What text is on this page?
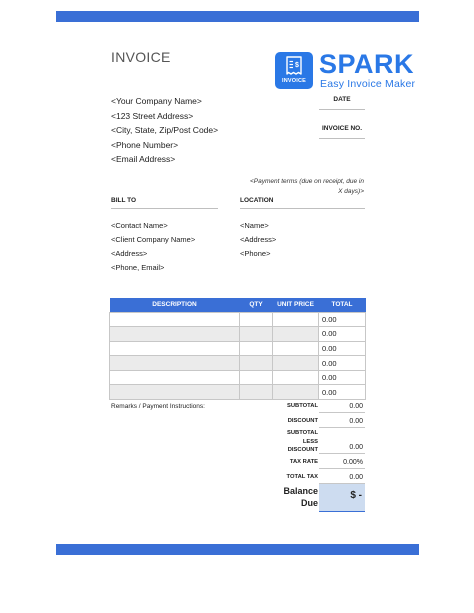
INVOICE
<Your Company Name>
<123 Street Address>
<City, State, Zip/Post Code>
<Phone Number>
<Email Address>
$
INVOICE
SPARK
Easy Invoice Maker
DATE
INVOICE NO.
<Payment terms (due on receipt, due in
X days)>
BILL TO	LOCATION
<Contact Name>
<Client Company Name>
<Address>
<Phone, Email>
<Name>
<Address>
<Phone>
DESCRIPTION	QTY	UNIT PRICE	TOTAL
			0.00
			0.00
			0.00
			0.00
			0.00
			0.00
Remarks / Payment Instructions:	SUBTOTAL	0.00
DISCOUNT	0.00
SUBTOTAL
LESS
DISCOUNT	0.00
TAX RATE	0.00%
TOTAL TAX	0.00
Balance
Due
$ -
